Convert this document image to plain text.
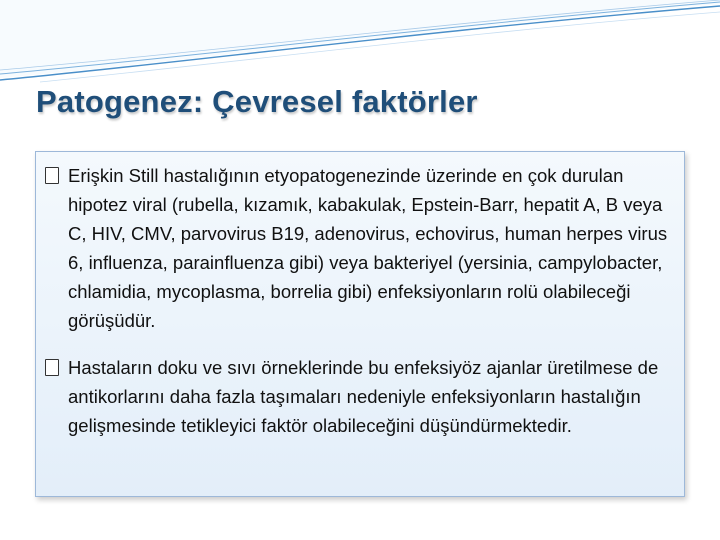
Patogenez: Çevresel faktörler

Erişkin Still hastalığının etyopatogenezinde üzerinde en çok durulan hipotez viral (rubella, kızamık, kabakulak, Epstein-Barr, hepatit A, B veya C, HIV, CMV, parvovirus B19, adenovirus, echovirus, human herpes virus 6, influenza, parainfluenza gibi) veya bakteriyel (yersinia, campylobacter, chlamidia, mycoplasma, borrelia gibi) enfeksiyonların rolü olabileceği görüşüdür.

Hastaların doku ve sıvı örneklerinde bu enfeksiyöz ajanlar üretilmese de antikorlarını daha fazla taşımaları nedeniyle enfeksiyonların hastalığın gelişmesinde tetikleyici faktör olabileceğini düşündürmektedir.
